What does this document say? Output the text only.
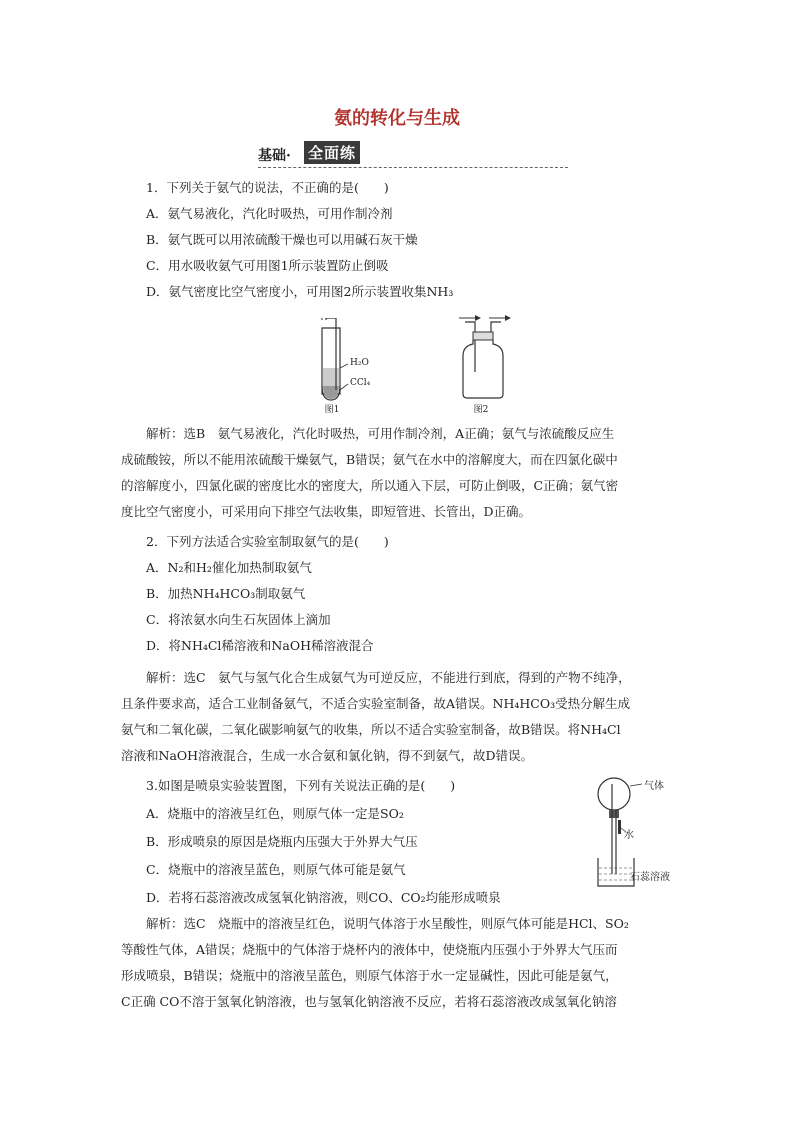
氨的转化与生成
基础· 全面练
1．下列关于氨气的说法，不正确的是(　　)
A．氨气易液化，汽化时吸热，可用作制冷剂
B．氨气既可以用浓硫酸干燥也可以用碱石灰干燥
C．用水吸收氨气可用图1所示装置防止倒吸
D．氨气密度比空气密度小，可用图2所示装置收集NH₃
H₂O
CCl₄
图1	图2
解析：选B　氨气易液化，汽化时吸热，可用作制冷剂，A正确；氨气与浓硫酸反应生
成硫酸铵，所以不能用浓硫酸干燥氨气，B错误；氨气在水中的溶解度大，而在四氯化碳中
的溶解度小，四氯化碳的密度比水的密度大，所以通入下层，可防止倒吸，C正确；氨气密
度比空气密度小，可采用向下排空气法收集，即短管进、长管出，D正确。
2．下列方法适合实验室制取氨气的是(　　)
A．N₂和H₂催化加热制取氨气
B．加热NH₄HCO₃制取氨气
C．将浓氨水向生石灰固体上滴加
D．将NH₄Cl稀溶液和NaOH稀溶液混合
解析：选C　氨气与氢气化合生成氨气为可逆反应，不能进行到底，得到的产物不纯净，
且条件要求高，适合工业制备氨气，不适合实验室制备，故A错误。NH₄HCO₃受热分解生成
氨气和二氧化碳，二氧化碳影响氨气的收集，所以不适合实验室制备，故B错误。将NH₄Cl
溶液和NaOH溶液混合，生成一水合氨和氯化钠，得不到氨气，故D错误。
3.如图是喷泉实验装置图，下列有关说法正确的是(　　)
A．烧瓶中的溶液呈红色，则原气体一定是SO₂
B．形成喷泉的原因是烧瓶内压强大于外界大气压
C．烧瓶中的溶液呈蓝色，则原气体可能是氨气
D．若将石蕊溶液改成氢氧化钠溶液，则CO、CO₂均能形成喷泉
气体
水
石蕊溶液
解析：选C　烧瓶中的溶液呈红色，说明气体溶于水呈酸性，则原气体可能是HCl、SO₂
等酸性气体，A错误；烧瓶中的气体溶于烧杯内的液体中，使烧瓶内压强小于外界大气压而
形成喷泉，B错误；烧瓶中的溶液呈蓝色，则原气体溶于水一定显碱性，因此可能是氨气，
C正确 CO不溶于氢氧化钠溶液，也与氢氧化钠溶液不反应，若将石蕊溶液改成氢氧化钠溶
